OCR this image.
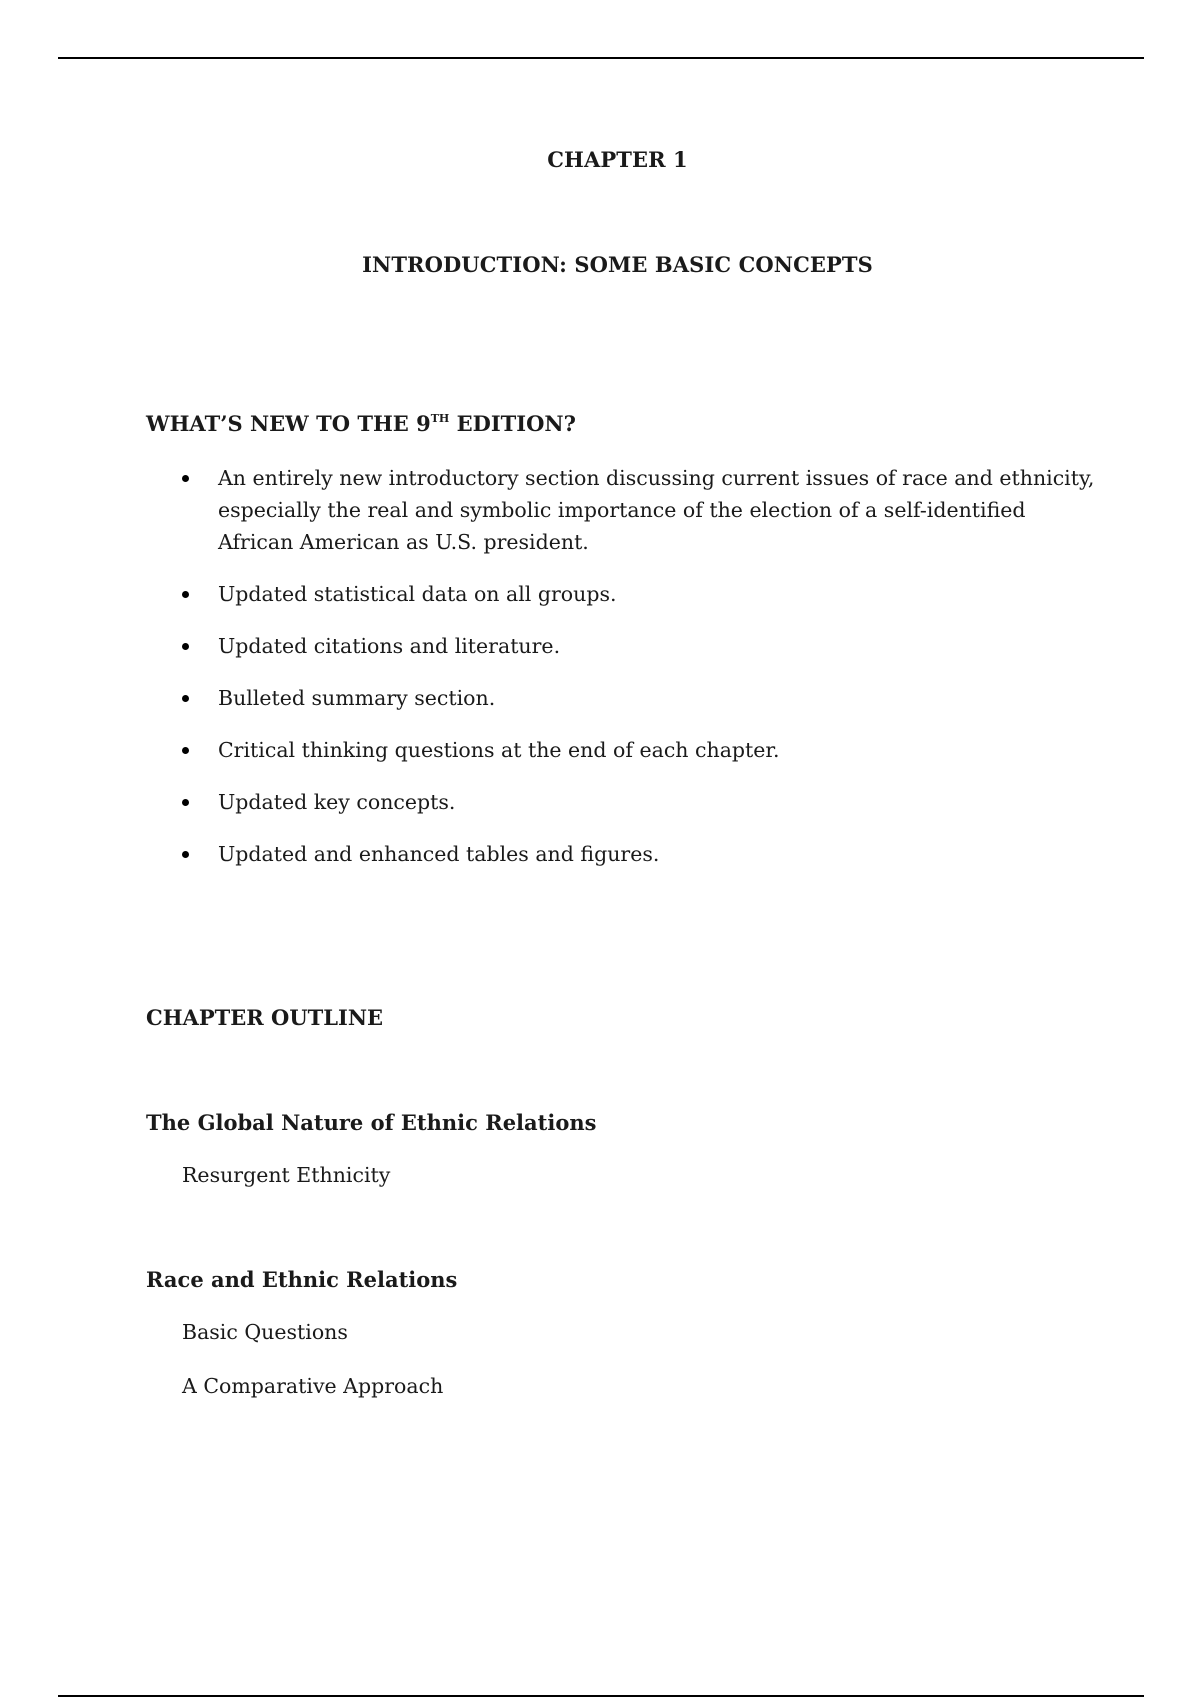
CHAPTER 1
INTRODUCTION: SOME BASIC CONCEPTS
WHAT’S NEW TO THE 9TH EDITION?
An entirely new introductory section discussing current issues of race and ethnicity, especially the real and symbolic importance of the election of a self-identified African American as U.S. president.
Updated statistical data on all groups.
Updated citations and literature.
Bulleted summary section.
Critical thinking questions at the end of each chapter.
Updated key concepts.
Updated and enhanced tables and figures.
CHAPTER OUTLINE
The Global Nature of Ethnic Relations
Resurgent Ethnicity
Race and Ethnic Relations
Basic Questions
A Comparative Approach
